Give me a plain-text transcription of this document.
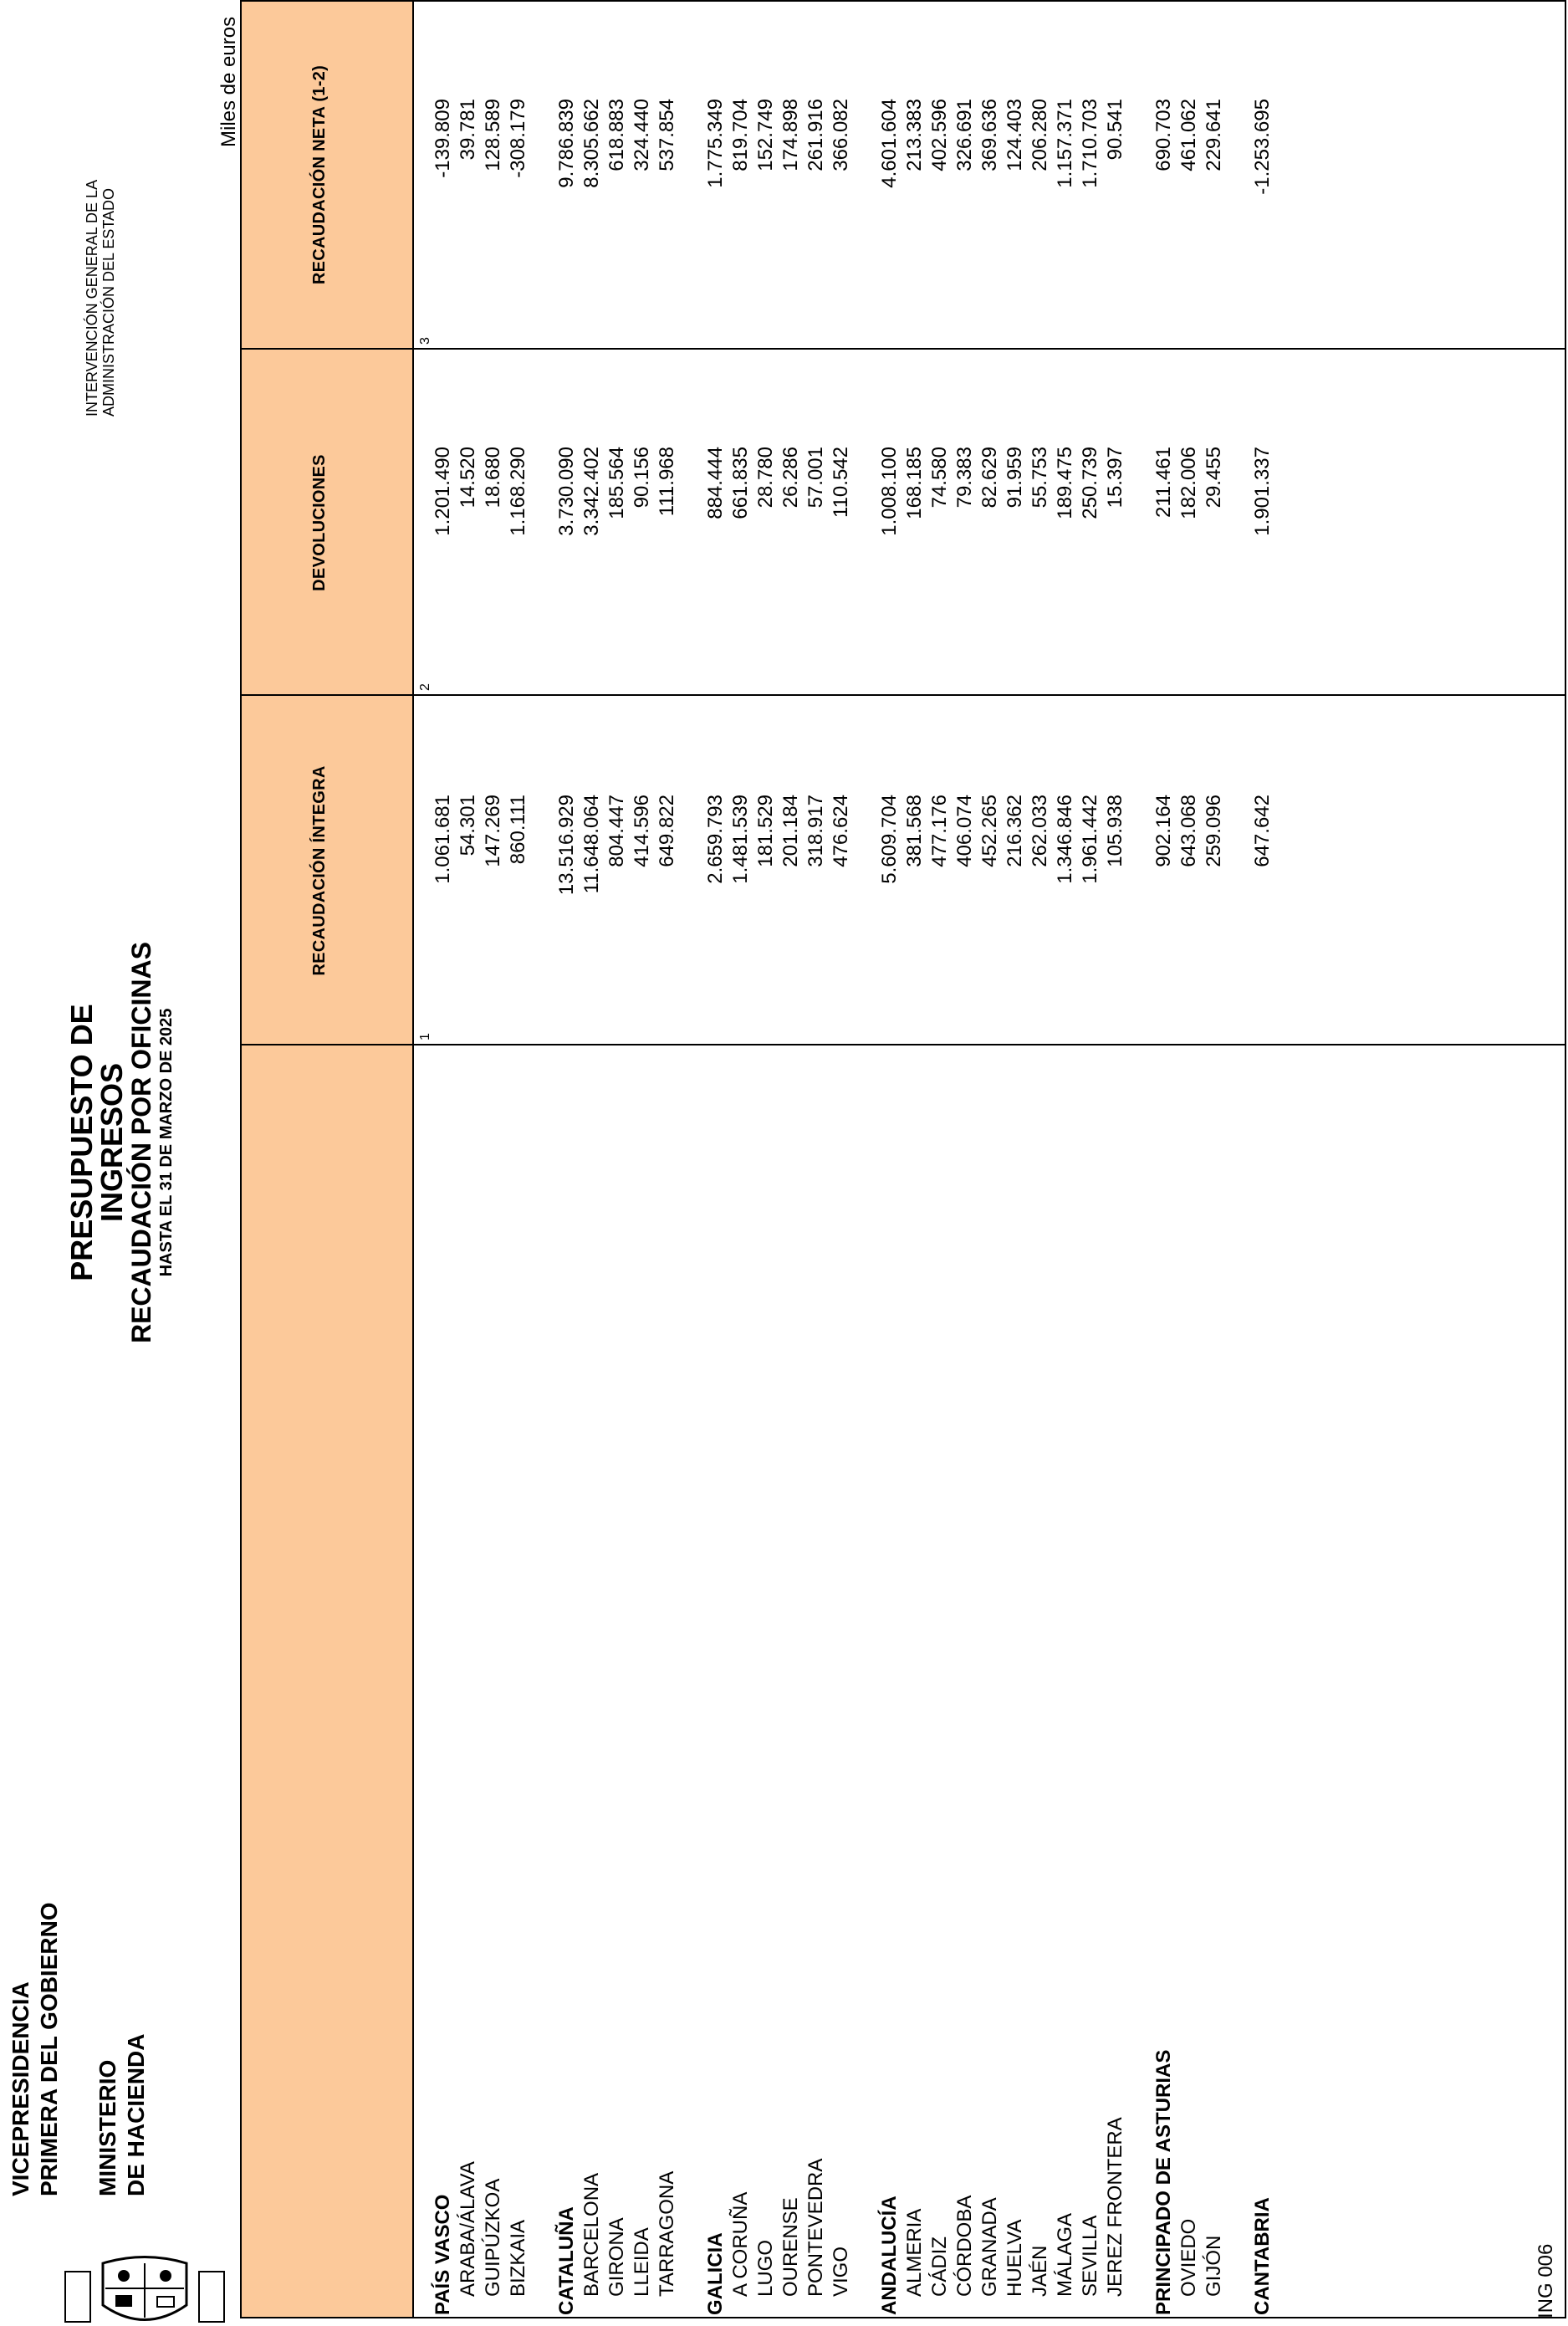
VICEPRESIDENCIA PRIMERA DEL GOBIERNO MINISTERIO DE HACIENDA
PRESUPUESTO DE INGRESOS
RECAUDACIÓN POR OFICINAS HASTA EL 31 DE MARZO DE 2025
INTERVENCIÓN GENERAL DE LA ADMINISTRACIÓN DEL ESTADO
Miles de euros
ING 006
RECAUDACIÓN ÍNTEGRA
DEVOLUCIONES
RECAUDACIÓN NETA (1-2)
1
2
3
PAÍS VASCO
1.061.681
1.201.490
-139.809
ARABA/ÁLAVA
54.301
14.520
39.781
GUIPÚZKOA
147.269
18.680
128.589
BIZKAIA
860.111
1.168.290
-308.179
CATALUÑA
13.516.929
3.730.090
9.786.839
BARCELONA
11.648.064
3.342.402
8.305.662
GIRONA
804.447
185.564
618.883
LLEIDA
414.596
90.156
324.440
TARRAGONA
649.822
111.968
537.854
GALICIA
2.659.793
884.444
1.775.349
A CORUÑA
1.481.539
661.835
819.704
LUGO
181.529
28.780
152.749
OURENSE
201.184
26.286
174.898
PONTEVEDRA
318.917
57.001
261.916
VIGO
476.624
110.542
366.082
ANDALUCÍA
5.609.704
1.008.100
4.601.604
ALMERIA
381.568
168.185
213.383
CÁDIZ
477.176
74.580
402.596
CÓRDOBA
406.074
79.383
326.691
GRANADA
452.265
82.629
369.636
HUELVA
216.362
91.959
124.403
JAÉN
262.033
55.753
206.280
MÁLAGA
1.346.846
189.475
1.157.371
SEVILLA
1.961.442
250.739
1.710.703
JEREZ FRONTERA
105.938
15.397
90.541
PRINCIPADO DE ASTURIAS
902.164
211.461
690.703
OVIEDO
643.068
182.006
461.062
GIJÓN
259.096
29.455
229.641
CANTABRIA
647.642
1.901.337
-1.253.695
